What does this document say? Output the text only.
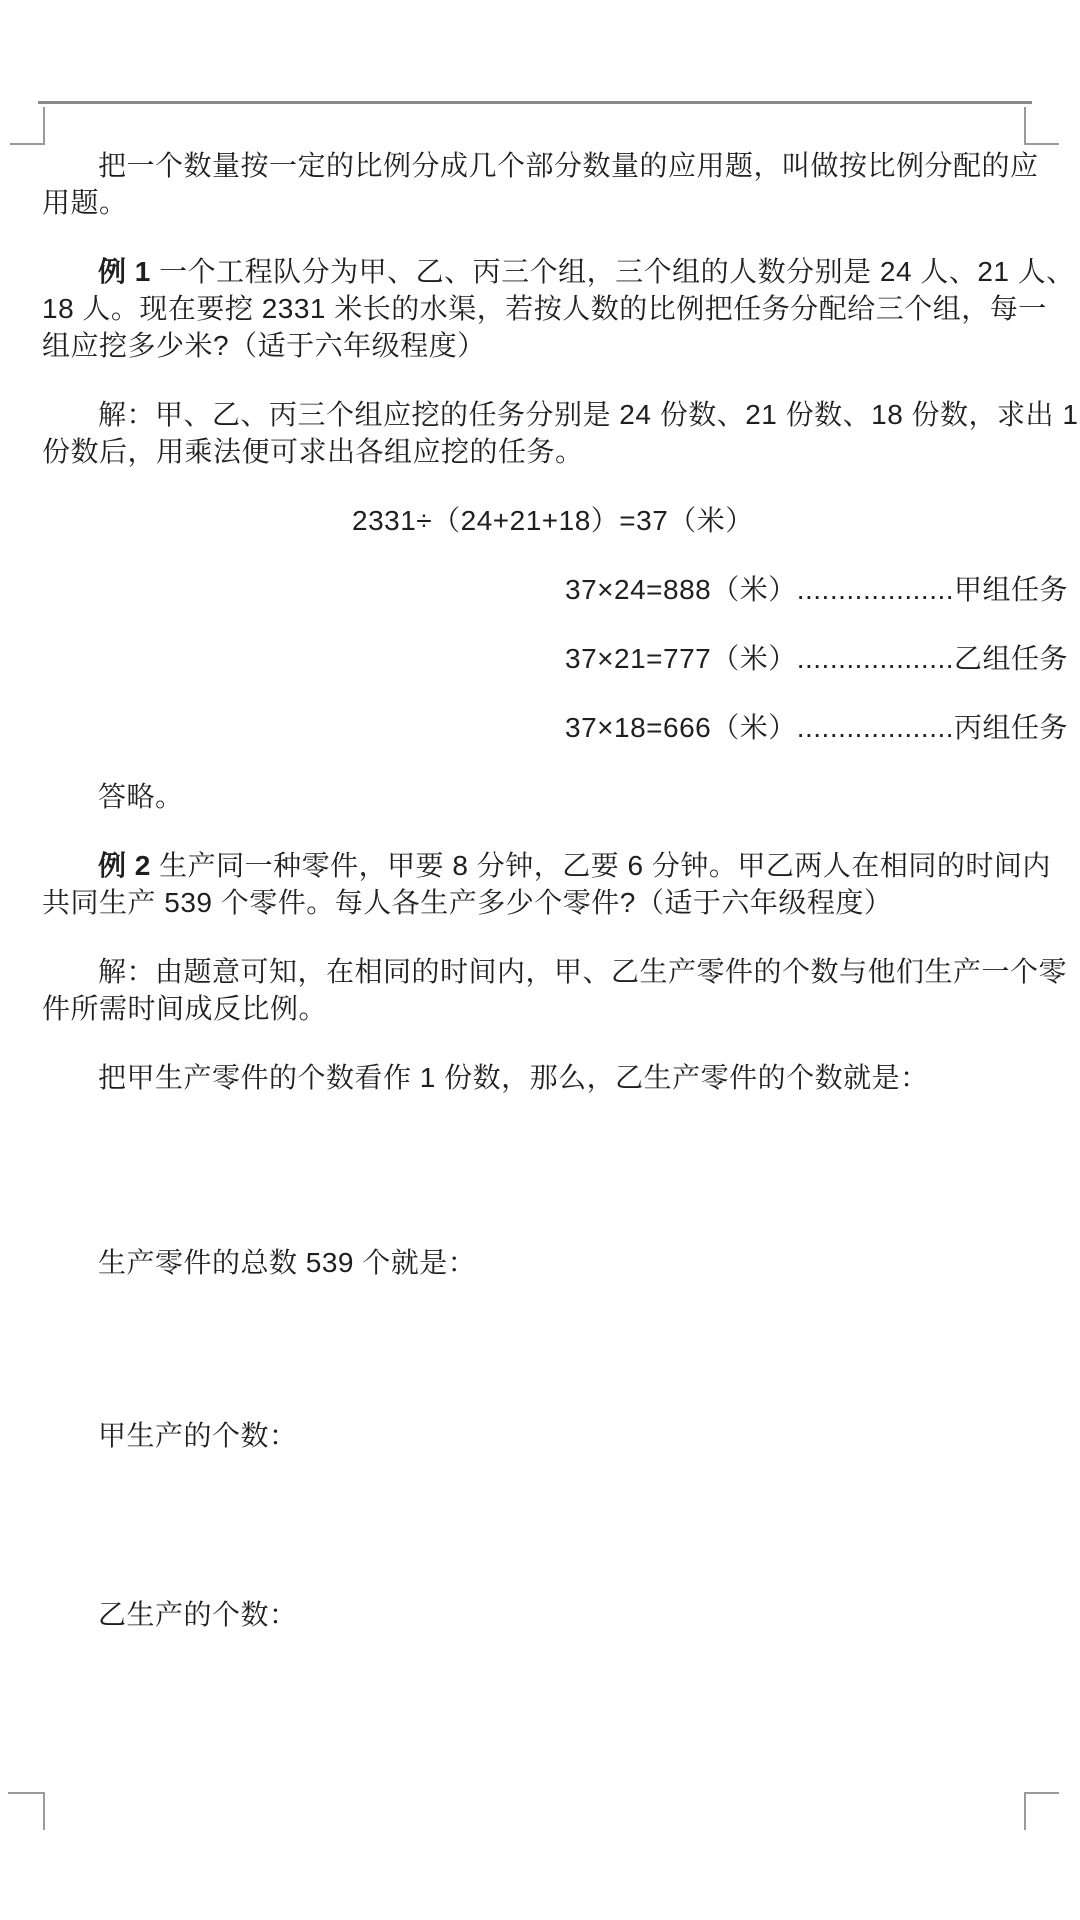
把一个数量按一定的比例分成几个部分数量的应用题，叫做按比例分配的应
用题。
例 1 一个工程队分为甲、乙、丙三个组，三个组的人数分别是 24 人、21 人、
18 人。现在要挖 2331 米长的水渠，若按人数的比例把任务分配给三个组，每一
组应挖多少米?（适于六年级程度）
解：甲、乙、丙三个组应挖的任务分别是 24 份数、21 份数、18 份数，求出 1
份数后，用乘法便可求出各组应挖的任务。
2331÷（24+21+18）=37（米）
37×24=888（米）...................甲组任务
37×21=777（米）...................乙组任务
37×18=666（米）...................丙组任务
答略。
例 2 生产同一种零件，甲要 8 分钟，乙要 6 分钟。甲乙两人在相同的时间内
共同生产 539 个零件。每人各生产多少个零件?（适于六年级程度）
解：由题意可知，在相同的时间内，甲、乙生产零件的个数与他们生产一个零
件所需时间成反比例。
把甲生产零件的个数看作 1 份数，那么，乙生产零件的个数就是：
生产零件的总数 539 个就是：
甲生产的个数：
乙生产的个数：
